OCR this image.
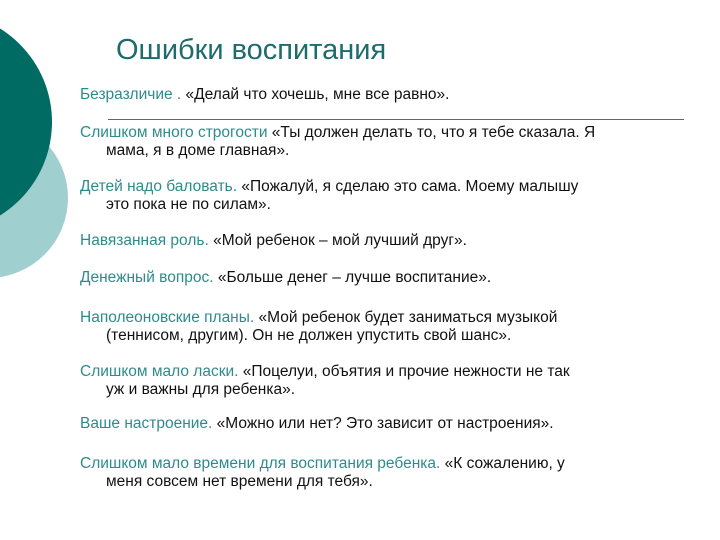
Ошибки воспитания
Безразличие . «Делай что хочешь, мне все равно».
Слишком много строгости «Ты должен делать то, что я тебе сказала. Я
мама, я в доме главная».
Детей надо баловать. «Пожалуй, я сделаю это сама. Моему малышу
это пока не по силам».
Навязанная роль. «Мой ребенок – мой лучший друг».
Денежный вопрос. «Больше денег – лучше воспитание».
Наполеоновские планы. «Мой ребенок будет заниматься музыкой
(теннисом, другим). Он не должен упустить свой шанс».
Слишком мало ласки. «Поцелуи, объятия и прочие нежности не так
уж и важны для ребенка».
Ваше настроение. «Можно или нет? Это зависит от настроения».
Слишком мало времени для воспитания ребенка. «К сожалению, у
меня совсем нет времени для тебя».
